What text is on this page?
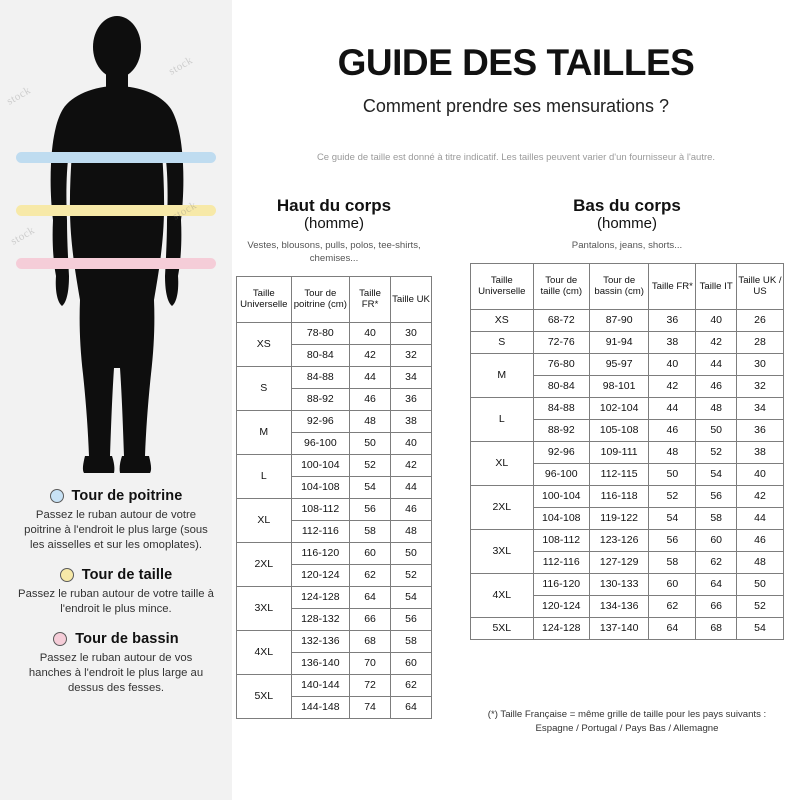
stock
stock
stock
stock
Tour de poitrine
Passez le ruban autour de votre poitrine à l'endroit le plus large (sous les aisselles et sur les omoplates).
Tour de taille
Passez le ruban autour de votre taille à l'endroit le plus mince.
Tour de bassin
Passez le ruban autour de vos hanches à l'endroit le plus large au dessus des fesses.
GUIDE DES TAILLES
Comment prendre ses mensurations ?
Ce guide de taille est donné à titre indicatif. Les tailles peuvent varier d'un fournisseur à l'autre.
Haut du corps
(homme)
Vestes, blousons, pulls, polos, tee-shirts, chemises...
Taille Universelle	Tour de poitrine (cm)	Taille FR*	Taille UK
XS	78-80	40	30
	80-84	42	32
S	84-88	44	34
	88-92	46	36
M	92-96	48	38
	96-100	50	40
L	100-104	52	42
	104-108	54	44
XL	108-112	56	46
	112-116	58	48
2XL	116-120	60	50
	120-124	62	52
3XL	124-128	64	54
	128-132	66	56
4XL	132-136	68	58
	136-140	70	60
5XL	140-144	72	62
	144-148	74	64
Bas du corps
(homme)
Pantalons, jeans, shorts...
Taille Universelle	Tour de taille (cm)	Tour de bassin (cm)	Taille FR*	Taille IT	Taille UK / US
XS	68-72	87-90	36	40	26
S	72-76	91-94	38	42	28
M	76-80	95-97	40	44	30
	80-84	98-101	42	46	32
L	84-88	102-104	44	48	34
	88-92	105-108	46	50	36
XL	92-96	109-111	48	52	38
	96-100	112-115	50	54	40
2XL	100-104	116-118	52	56	42
	104-108	119-122	54	58	44
3XL	108-112	123-126	56	60	46
	112-116	127-129	58	62	48
4XL	116-120	130-133	60	64	50
	120-124	134-136	62	66	52
5XL	124-128	137-140	64	68	54
(*) Taille Française = même grille de taille pour les pays suivants : Espagne / Portugal / Pays Bas / Allemagne
